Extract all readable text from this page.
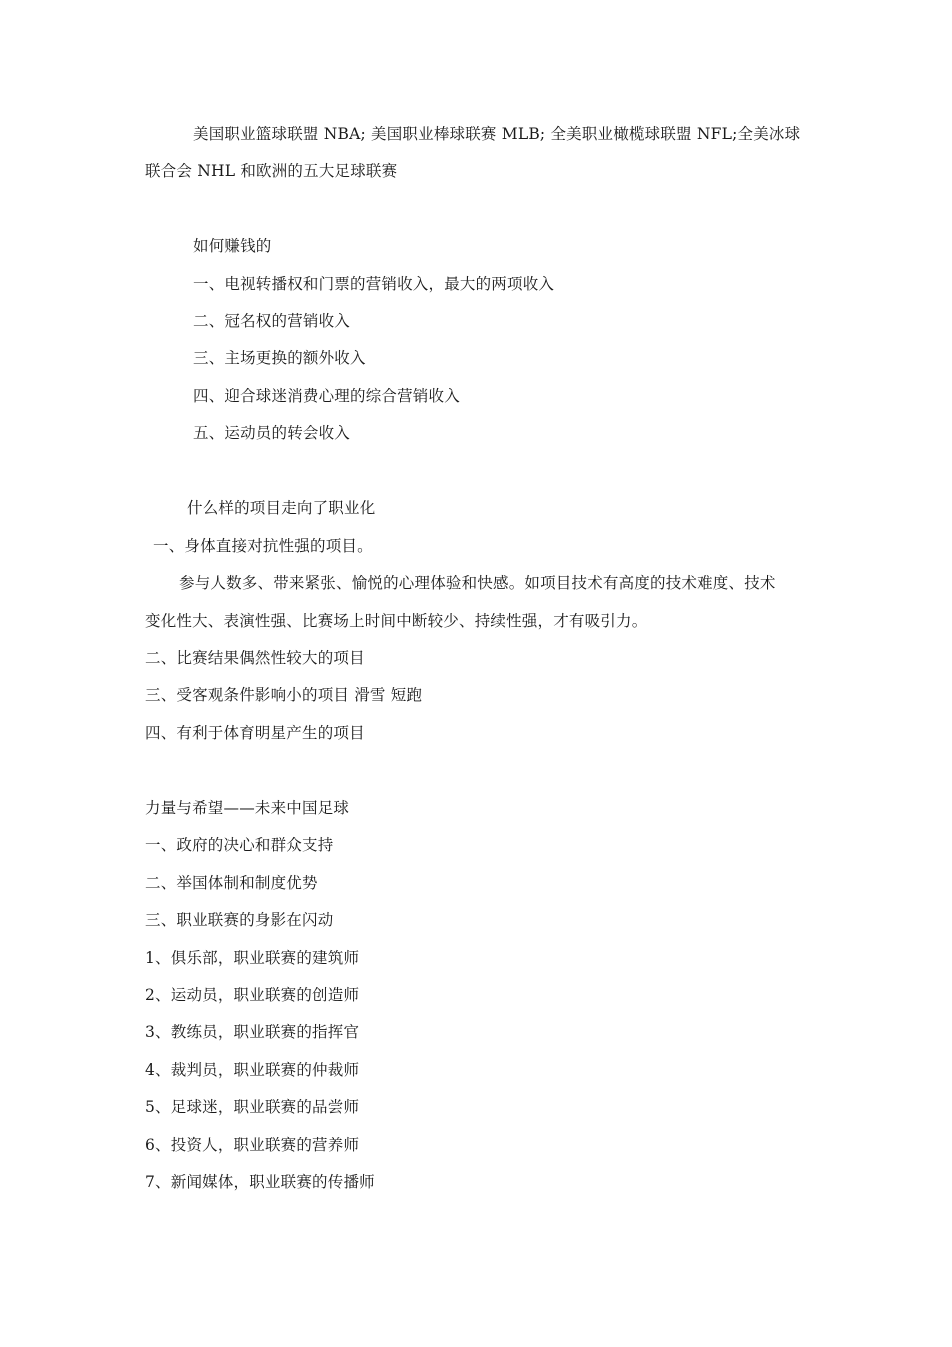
美国职业篮球联盟 NBA; 美国职业棒球联赛 MLB; 全美职业橄榄球联盟 NFL;全美冰球
联合会 NHL 和欧洲的五大足球联赛
如何赚钱的
一、电视转播权和门票的营销收入，最大的两项收入
二、冠名权的营销收入
三、主场更换的额外收入
四、迎合球迷消费心理的综合营销收入
五、运动员的转会收入
什么样的项目走向了职业化
一、身体直接对抗性强的项目。
参与人数多、带来紧张、愉悦的心理体验和快感。如项目技术有高度的技术难度、技术
变化性大、表演性强、比赛场上时间中断较少、持续性强，才有吸引力。
二、比赛结果偶然性较大的项目
三、受客观条件影响小的项目 滑雪 短跑
四、有利于体育明星产生的项目
力量与希望——未来中国足球
一、政府的决心和群众支持
二、举国体制和制度优势
三、职业联赛的身影在闪动
1、俱乐部，职业联赛的建筑师
2、运动员，职业联赛的创造师
3、教练员，职业联赛的指挥官
4、裁判员，职业联赛的仲裁师
5、足球迷，职业联赛的品尝师
6、投资人，职业联赛的营养师
7、新闻媒体，职业联赛的传播师
